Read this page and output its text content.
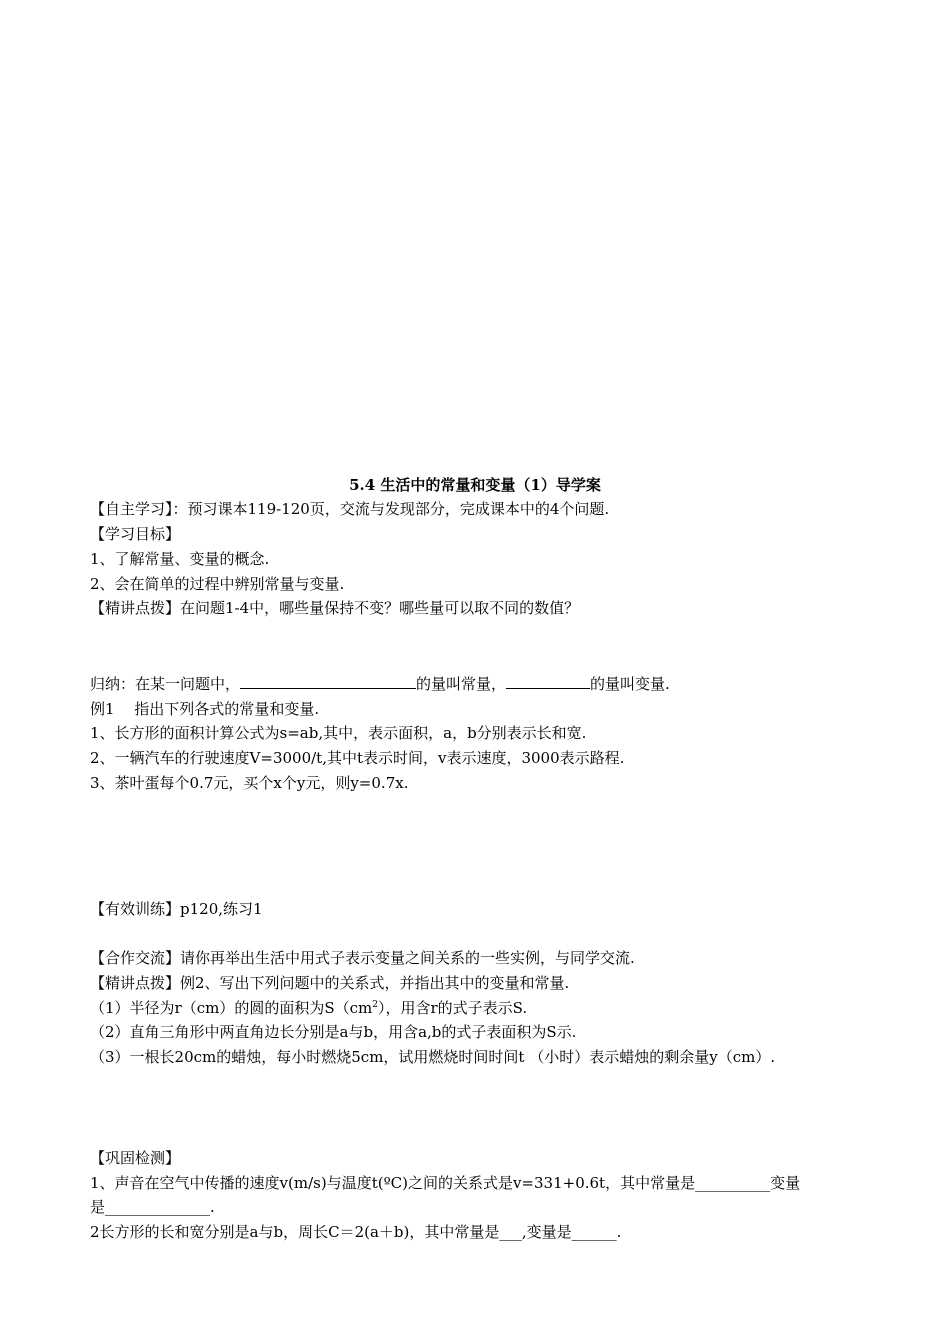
5.4 生活中的常量和变量（1）导学案
【自主学习】：预习课本119-120页，交流与发现部分，完成课本中的4个问题.
【学习目标】
1、了解常量、变量的概念.
2、会在简单的过程中辨别常量与变量.
【精讲点拨】在问题1-4中，哪些量保持不变？哪些量可以取不同的数值？
归纳：在某一问题中，	的量叫常量，	的量叫变量.
例1　 指出下列各式的常量和变量.
1、长方形的面积计算公式为s=ab,其中，表示面积，a，b分别表示长和宽.
2、一辆汽车的行驶速度V=3000/t,其中t表示时间，v表示速度，3000表示路程.
3、茶叶蛋每个0.7元，买个x个y元，则y=0.7x.
【有效训练】p120,练习1
【合作交流】请你再举出生活中用式子表示变量之间关系的一些实例，与同学交流.
【精讲点拨】例2、写出下列问题中的关系式，并指出其中的变量和常量.
（1）半径为r（cm）的圆的面积为$S(cm^2)$，用含r的式子表示S.
（2）直角三角形中两直角边长分别是a与b，用含a,b的式子表面积为S示.
（3）一根长20cm的蜡烛，每小时燃烧5cm，试用燃烧时间时间t （小时）表示蜡烛的剩余量y（cm）.
【巩固检测】
1、声音在空气中传播的速度v(m/s)与温度t(ºC)之间的关系式是v=331+0.6t，其中常量是__________变量
是______________.
2长方形的长和宽分别是a与b，周长C＝2(a＋b)，其中常量是___,变量是______.
